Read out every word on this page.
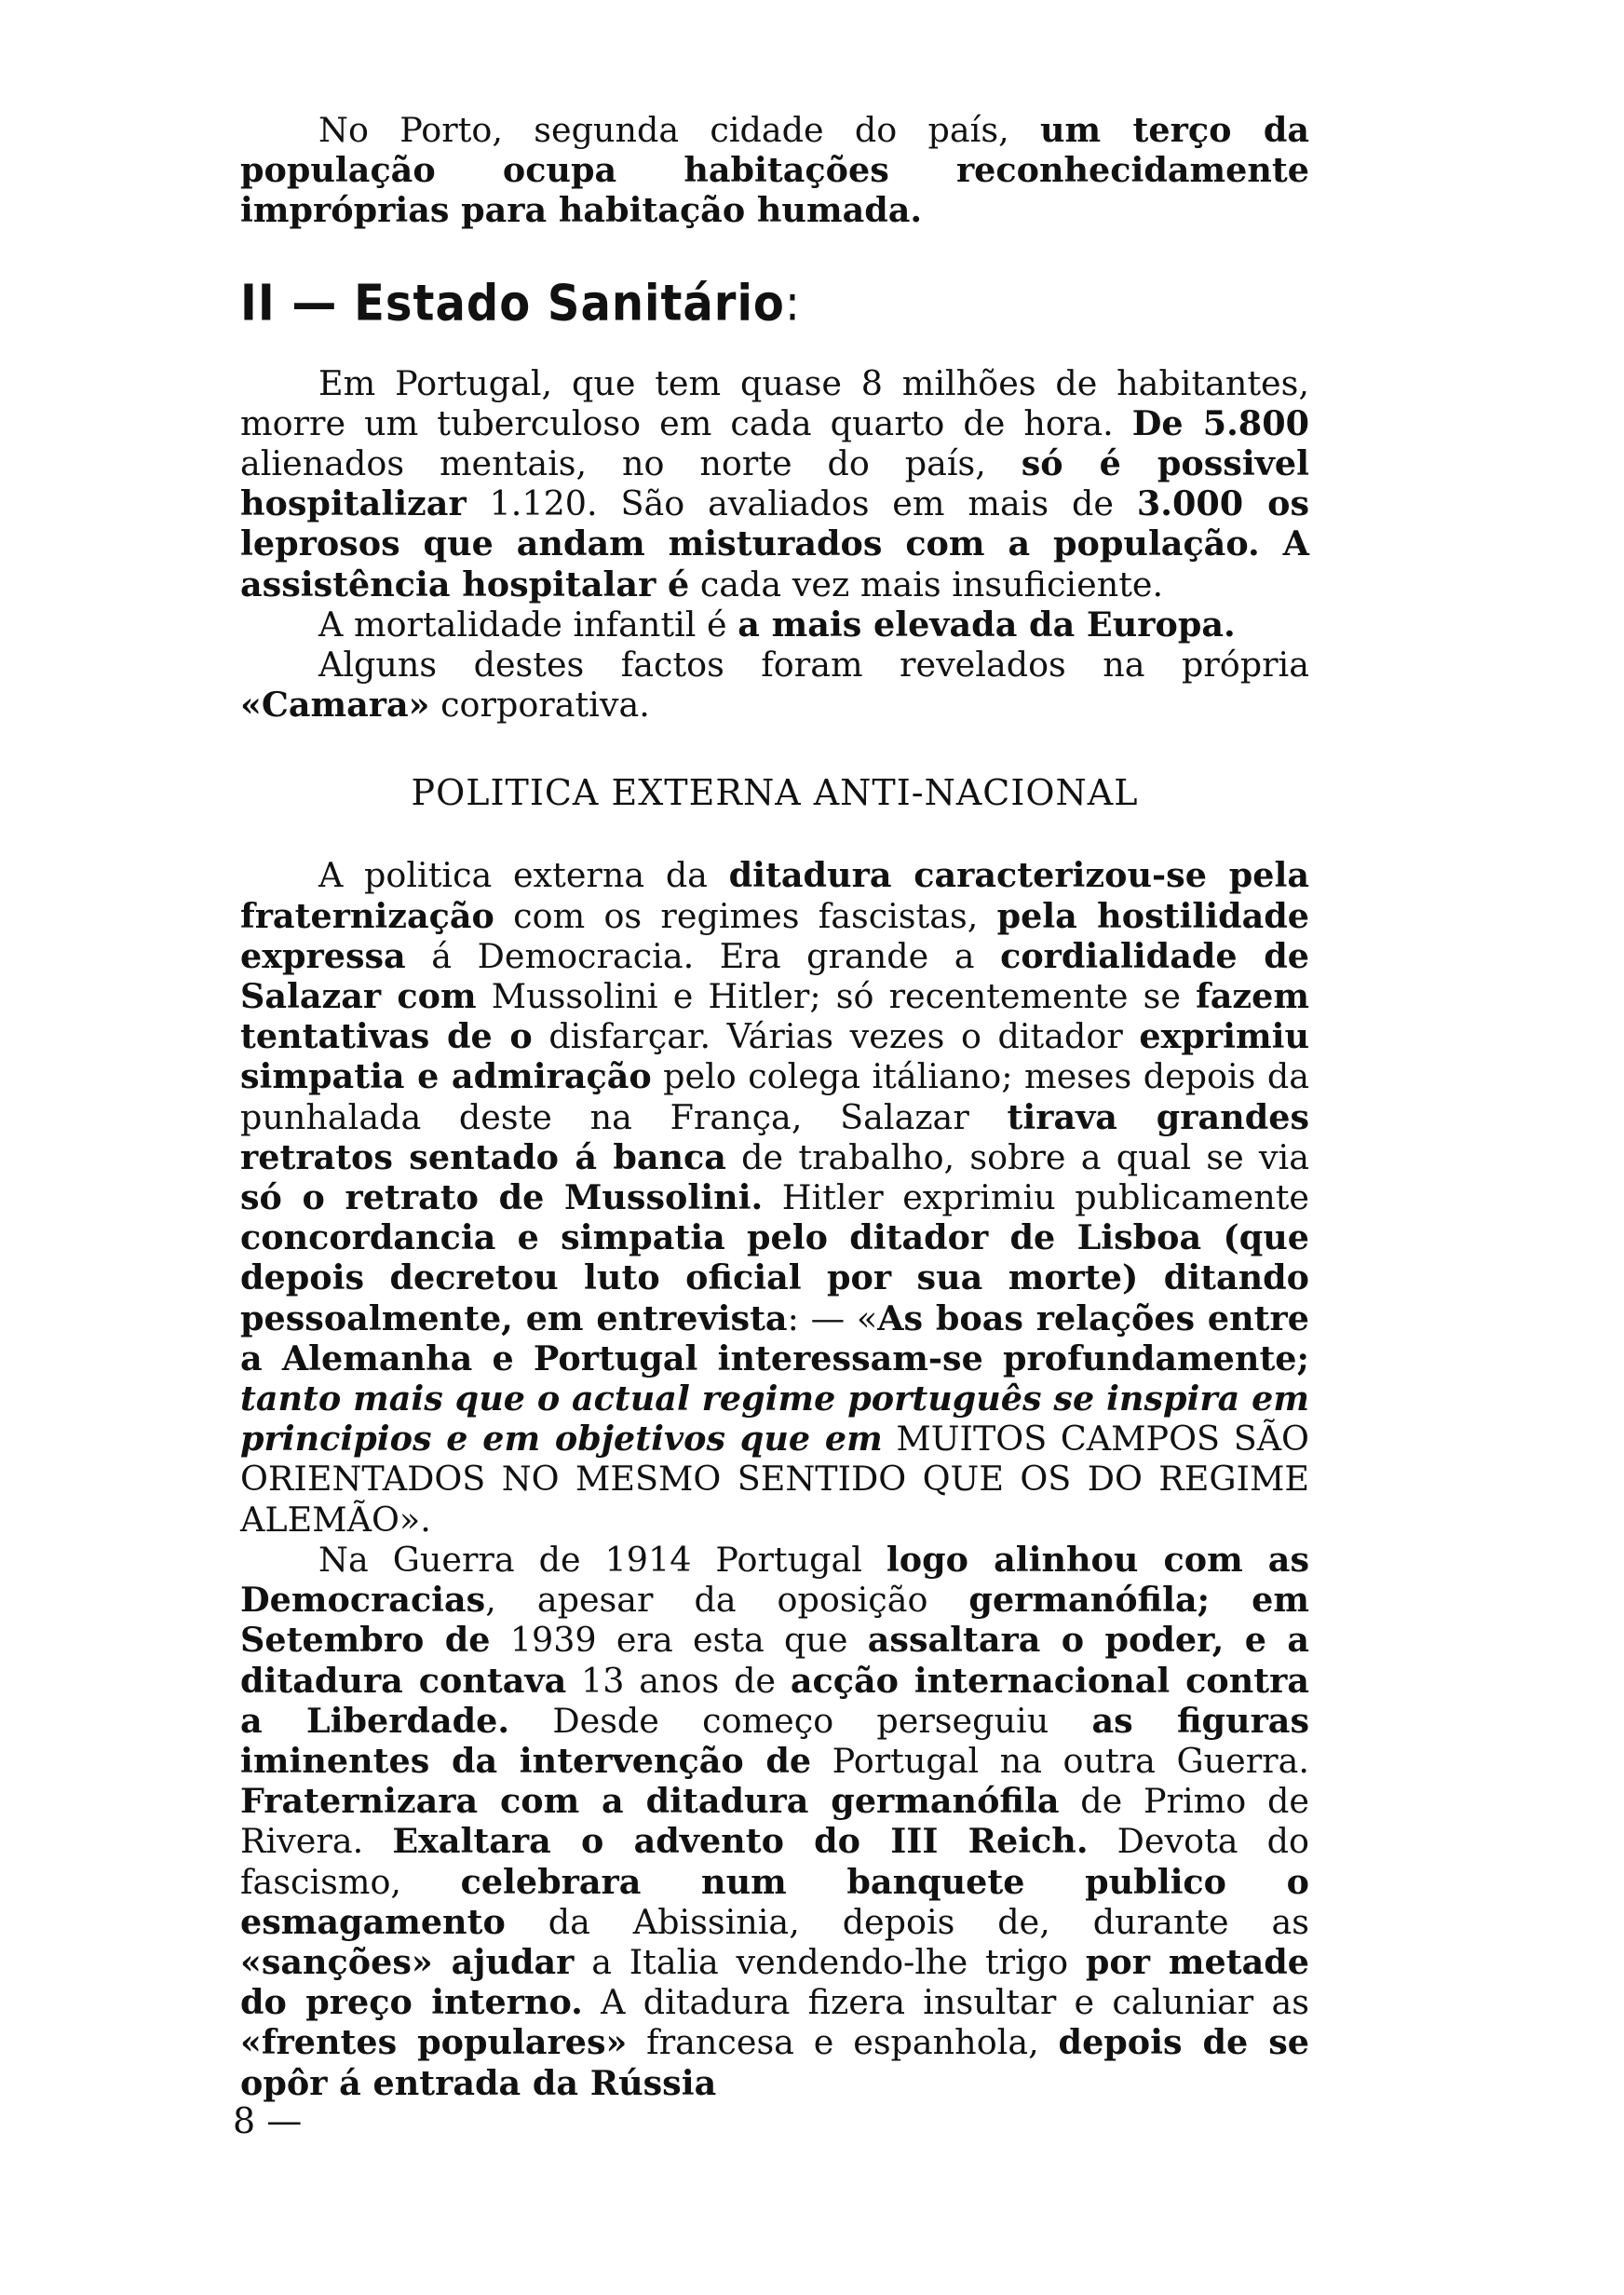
No Porto, segunda cidade do país, um terço da população ocupa habitações reconhecidamente impróprias para habitação humada.

II — Estado Sanitário:

Em Portugal, que tem quase 8 milhões de habitantes, morre um tuberculoso em cada quarto de hora. De 5.800 alienados mentais, no norte do país, só é possivel hospitalizar 1.120. São avaliados em mais de 3.000 os leprosos que andam misturados com a população. A assistência hospitalar é cada vez mais insuficiente.

A mortalidade infantil é a mais elevada da Europa.

Alguns destes factos foram revelados na própria «Camara» corporativa.

POLITICA EXTERNA ANTI-NACIONAL

A politica externa da ditadura caracterizou-se pela fraternização com os regimes fascistas, pela hostilidade expressa á Democracia. Era grande a cordialidade de Salazar com Mussolini e Hitler; só recentemente se fazem tentativas de o disfarçar. Várias vezes o ditador exprimiu simpatia e admiração pelo colega itáliano; meses depois da punhalada deste na França, Salazar tirava grandes retratos sentado á banca de trabalho, sobre a qual se via só o retrato de Mussolini. Hitler exprimiu publicamente concordancia e simpatia pelo ditador de Lisboa (que depois decretou luto oficial por sua morte) ditando pessoalmente, em entrevista: — «As boas relações entre a Alemanha e Portugal interessam-se profundamente; tanto mais que o actual regime português se inspira em principios e em objetivos que em MUITOS CAMPOS SÃO ORIENTADOS NO MESMO SENTIDO QUE OS DO REGIME ALEMÃO».

Na Guerra de 1914 Portugal logo alinhou com as Democracias, apesar da oposição germanófila; em Setembro de 1939 era esta que assaltara o poder, e a ditadura contava 13 anos de acção internacional contra a Liberdade. Desde começo perseguiu as figuras iminentes da intervenção de Portugal na outra Guerra. Fraternizara com a ditadura germanófila de Primo de Rivera. Exaltara o advento do III Reich. Devota do fascismo, celebrara num banquete publico o esmagamento da Abissinia, depois de, durante as «sanções» ajudar a Italia vendendo-lhe trigo por metade do preço interno. A ditadura fizera insultar e caluniar as «frentes populares» francesa e espanhola, depois de se opôr á entrada da Rússia

8 —
